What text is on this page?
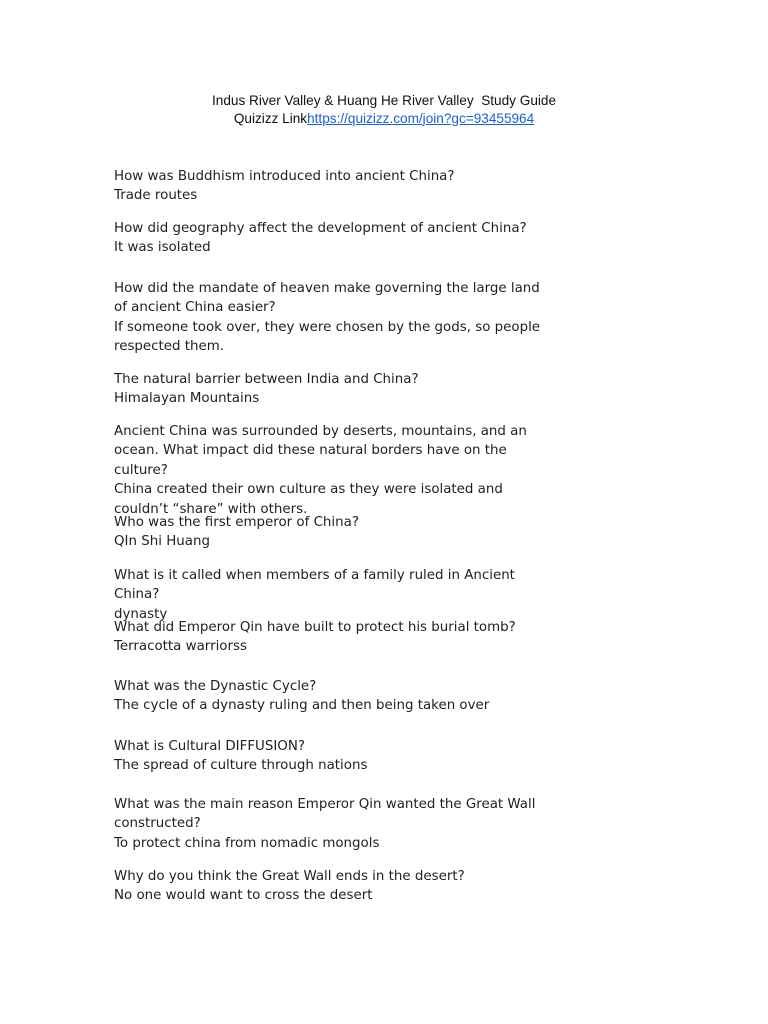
Indus River Valley & Huang He River Valley  Study Guide
Quizizz Linkhttps://quizizz.com/join?gc=93455964
How was Buddhism introduced into ancient China?
Trade routes
How did geography affect the development of ancient China?
It was isolated
How did the mandate of heaven make governing the large land of ancient China easier?
If someone took over, they were chosen by the gods, so people respected them.
The natural barrier between India and China?
Himalayan Mountains
Ancient China was surrounded by deserts, mountains, and an ocean. What impact did these natural borders have on the culture?
China created their own culture as they were isolated and couldn’t “share” with others.
Who was the first emperor of China?
QIn Shi Huang
What is it called when members of a family ruled in Ancient China?
dynasty
What did Emperor Qin have built to protect his burial tomb?
Terracotta warriorss
What was the Dynastic Cycle?
The cycle of a dynasty ruling and then being taken over
What is Cultural DIFFUSION?
The spread of culture through nations
What was the main reason Emperor Qin wanted the Great Wall constructed?
To protect china from nomadic mongols
Why do you think the Great Wall ends in the desert?
No one would want to cross the desert
